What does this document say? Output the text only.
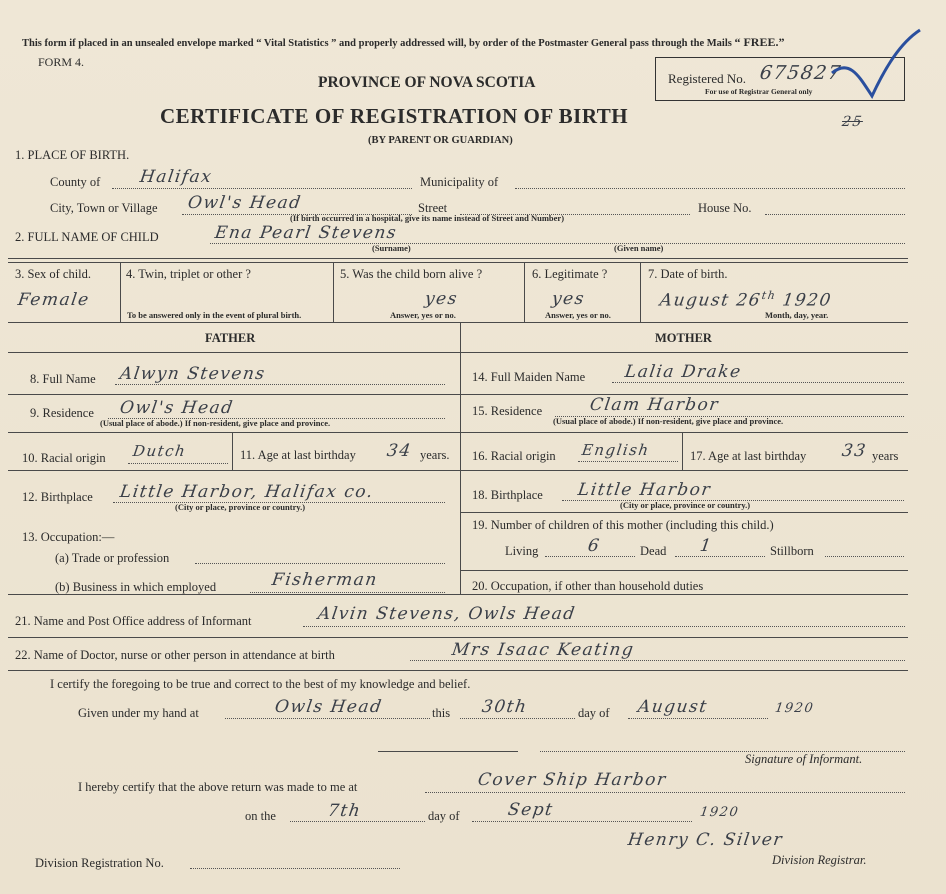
This form if placed in an unsealed envelope marked “ Vital Statistics ” and properly addressed will, by order of the Postmaster General pass through the Mails “ FREE.”
FORM 4.
PROVINCE OF NOVA SCOTIA
CERTIFICATE OF REGISTRATION OF BIRTH
(BY PARENT OR GUARDIAN)
Registered No. 675827
For use of Registrar General only
25
1. PLACE OF BIRTH.
County of Halifax	Municipality of
City, Town or Village Owl's Head	Street	House No.
(If birth occurred in a hospital, give its name instead of Street and Number)
2. FULL NAME OF CHILD	Ena Pearl Stevens
(Surname)	(Given name)
3. Sex of child.
Female
4. Twin, triplet or other ?
To be answered only in the event of plural birth.
5. Was the child born alive ?
yes
Answer, yes or no.
6. Legitimate ?
yes
Answer, yes or no.
7. Date of birth.
August 26th 1920
Month, day, year.
FATHER
8. Full Name Alwyn Stevens
9. Residence Owl's Head
(Usual place of abode.) If non-resident, give place and province.
10. Racial origin Dutch	11. Age at last birthday 34 years.
12. Birthplace Little Harbor, Halifax co.
(City or place, province or country.)
13. Occupation:—
(a) Trade or profession
(b) Business in which employed	Fisherman
MOTHER
14. Full Maiden Name Lalia Drake
15. Residence	Clam Harbor
(Usual place of abode.) If non-resident, give place and province.
16. Racial origin English	17. Age at last birthday 33 years
18. Birthplace Little Harbor
(City or place, province or country.)
19. Number of children of this mother (including this child.)
Living	6	Dead 1	Stillborn
20. Occupation, if other than household duties
21. Name and Post Office address of Informant	Alvin Stevens, Owls Head
22. Name of Doctor, nurse or other person in attendance at birth	Mrs Isaac Keating
I certify the foregoing to be true and correct to the best of my knowledge and belief.
Given under my hand at	Owls Head	this 30th	day of August	1920
Signature of Informant.
I hereby certify that the above return was made to me at	Cover Ship Harbor
on the	7th	day of	Sept	1920
Division Registration No.
Henry C. Silver
Division Registrar.
